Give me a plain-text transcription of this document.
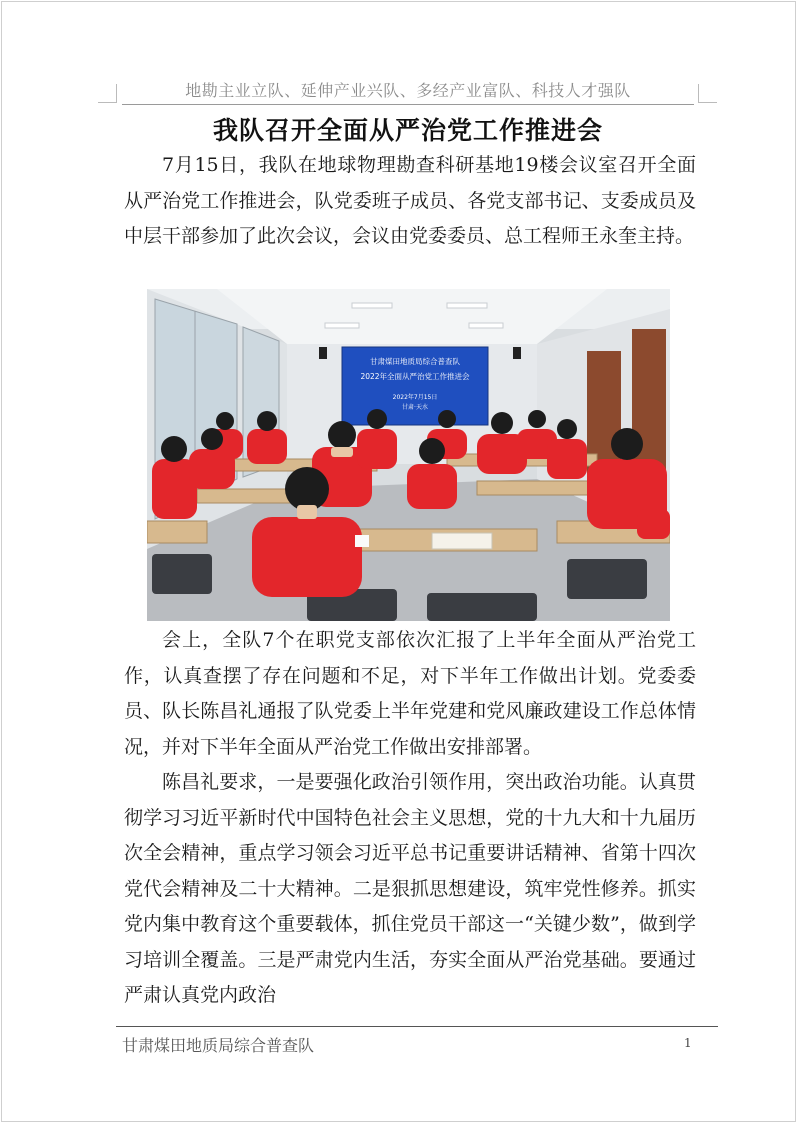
地勘主业立队、延伸产业兴队、多经产业富队、科技人才强队
我队召开全面从严治党工作推进会

7月15日，我队在地球物理勘查科研基地19楼会议室召开全面从严治党工作推进会，队党委班子成员、各党支部书记、支委成员及中层干部参加了此次会议，会议由党委委员、总工程师王永奎主持。

甘肃煤田地质局综合普查队
2022年全面从严治党工作推进会
2022年7月15日
甘肃·天水

会上，全队7个在职党支部依次汇报了上半年全面从严治党工作，认真查摆了存在问题和不足，对下半年工作做出计划。党委委员、队长陈昌礼通报了队党委上半年党建和党风廉政建设工作总体情况，并对下半年全面从严治党工作做出安排部署。

陈昌礼要求，一是要强化政治引领作用，突出政治功能。认真贯彻学习习近平新时代中国特色社会主义思想，党的十九大和十九届历次全会精神，重点学习领会习近平总书记重要讲话精神、省第十四次党代会精神及二十大精神。二是狠抓思想建设，筑牢党性修养。抓实党内集中教育这个重要载体，抓住党员干部这一“关键少数”，做到学习培训全覆盖。三是严肃党内生活，夯实全面从严治党基础。要通过严肃认真党内政治

甘肃煤田地质局综合普查队	1
